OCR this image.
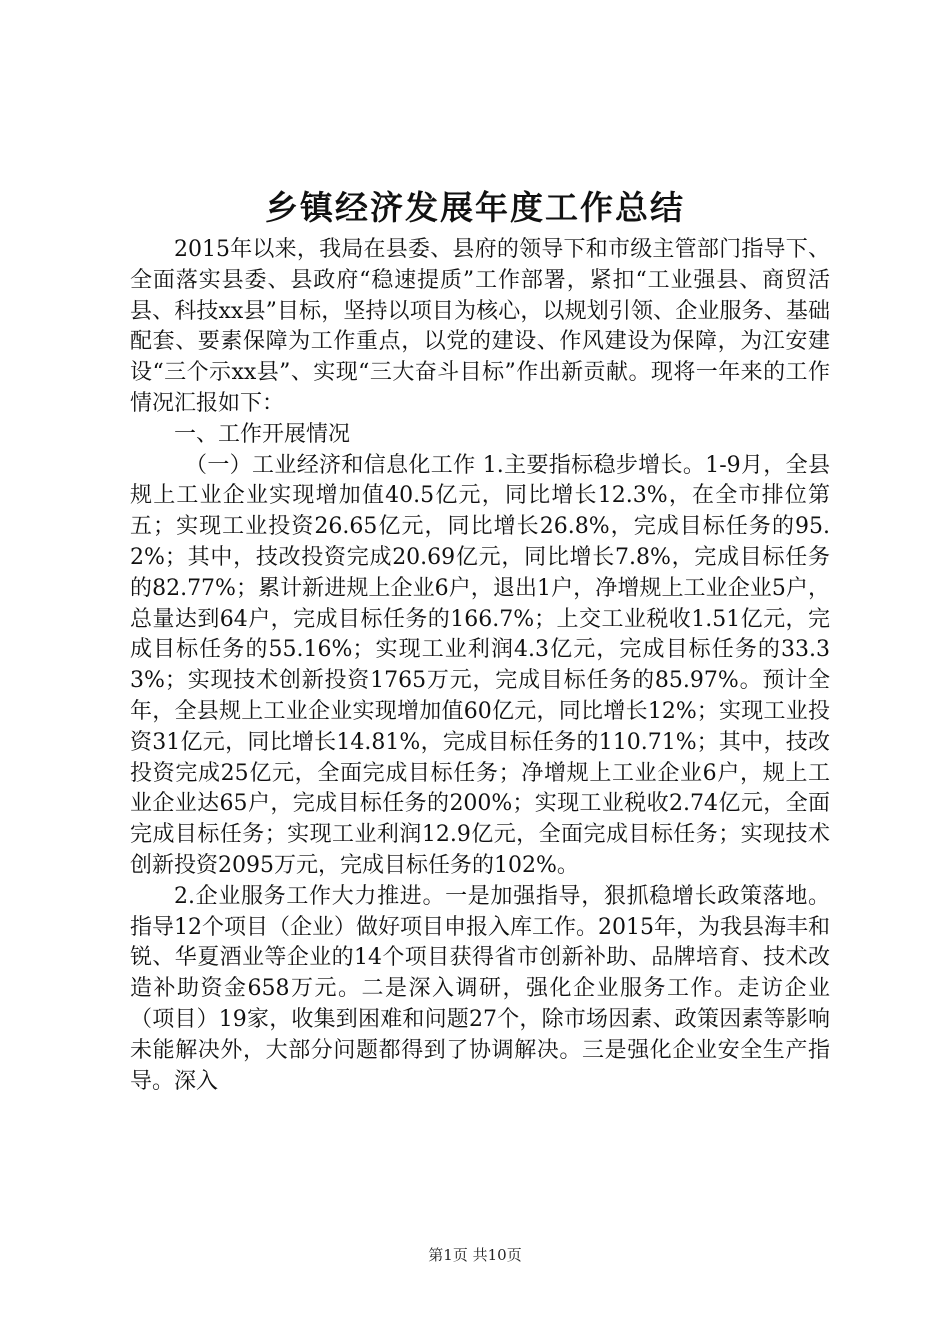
乡镇经济发展年度工作总结

2015年以来，我局在县委、县府的领导下和市级主管部门指导下、全面落实县委、县政府“稳速提质”工作部署，紧扣“工业强县、商贸活县、科技xx县”目标，坚持以项目为核心，以规划引领、企业服务、基础配套、要素保障为工作重点，以党的建设、作风建设为保障，为江安建设“三个示xx县”、实现“三大奋斗目标”作出新贡献。现将一年来的工作情况汇报如下：

一、工作开展情况

（一）工业经济和信息化工作 1.主要指标稳步增长。1-9月，全县规上工业企业实现增加值40.5亿元，同比增长12.3%，在全市排位第五；实现工业投资26.65亿元，同比增长26.8%，完成目标任务的95.2%；其中，技改投资完成20.69亿元，同比增长7.8%，完成目标任务的82.77%；累计新进规上企业6户，退出1户，净增规上工业企业5户，总量达到64户，完成目标任务的166.7%；上交工业税收1.51亿元，完成目标任务的55.16%；实现工业利润4.3亿元，完成目标任务的33.33%；实现技术创新投资1765万元，完成目标任务的85.97%。预计全年，全县规上工业企业实现增加值60亿元，同比增长12%；实现工业投资31亿元，同比增长14.81%，完成目标任务的110.71%；其中，技改投资完成25亿元，全面完成目标任务；净增规上工业企业6户，规上工业企业达65户，完成目标任务的200%；实现工业税收2.74亿元，全面完成目标任务；实现工业利润12.9亿元，全面完成目标任务；实现技术创新投资2095万元，完成目标任务的102%。

2.企业服务工作大力推进。一是加强指导，狠抓稳增长政策落地。指导12个项目（企业）做好项目申报入库工作。2015年，为我县海丰和锐、华夏酒业等企业的14个项目获得省市创新补助、品牌培育、技术改造补助资金658万元。二是深入调研，强化企业服务工作。走访企业（项目）19家，收集到困难和问题27个，除市场因素、政策因素等影响未能解决外，大部分问题都得到了协调解决。三是强化企业安全生产指导。深入

第1页 共10页
